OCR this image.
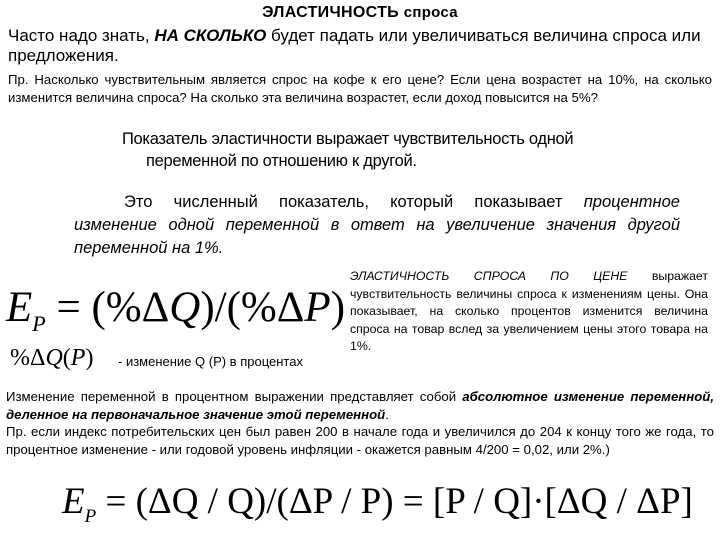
ЭЛАСТИЧНОСТЬ спроса
Часто надо знать, НА СКОЛЬКО будет падать или увеличиваться величина спроса или предложения.
Пр. Насколько чувствительным является спрос на кофе к его цене? Если цена возрастет на 10%, на сколько изменится величина спроса? На сколько эта величина возрастет, если доход повысится на 5%?
Показатель эластичности выражает чувствительность одной
переменной по отношению к другой.
Это численный показатель, который показывает процентное изменение одной переменной в ответ на увеличение значения другой переменной на 1%.
ЭЛАСТИЧНОСТЬ СПРОСА ПО ЦЕНЕ выражает чувствительность величины спроса к изменениям цены. Она показывает, на сколько процентов изменится величина спроса на товар вслед за увеличением цены этого товара на 1%.
$E_P = (\%\Delta Q)/(\%\Delta P)$
%ΔQ(P) - изменение Q (P) в процентах
Изменение переменной в процентном выражении представляет собой абсолютное изменение переменной, деленное на первоначальное значение этой переменной.
Пр. если индекс потребительских цен был равен 200 в начале года и увеличился до 204 к концу того же года, то процентное изменение - или годовой уровень инфляции - окажется равным 4/200 = 0,02, или 2%.)
$E_P = (\Delta Q / Q)/(\Delta P / P) = [P / Q]\cdot[\Delta Q / \Delta P]$
